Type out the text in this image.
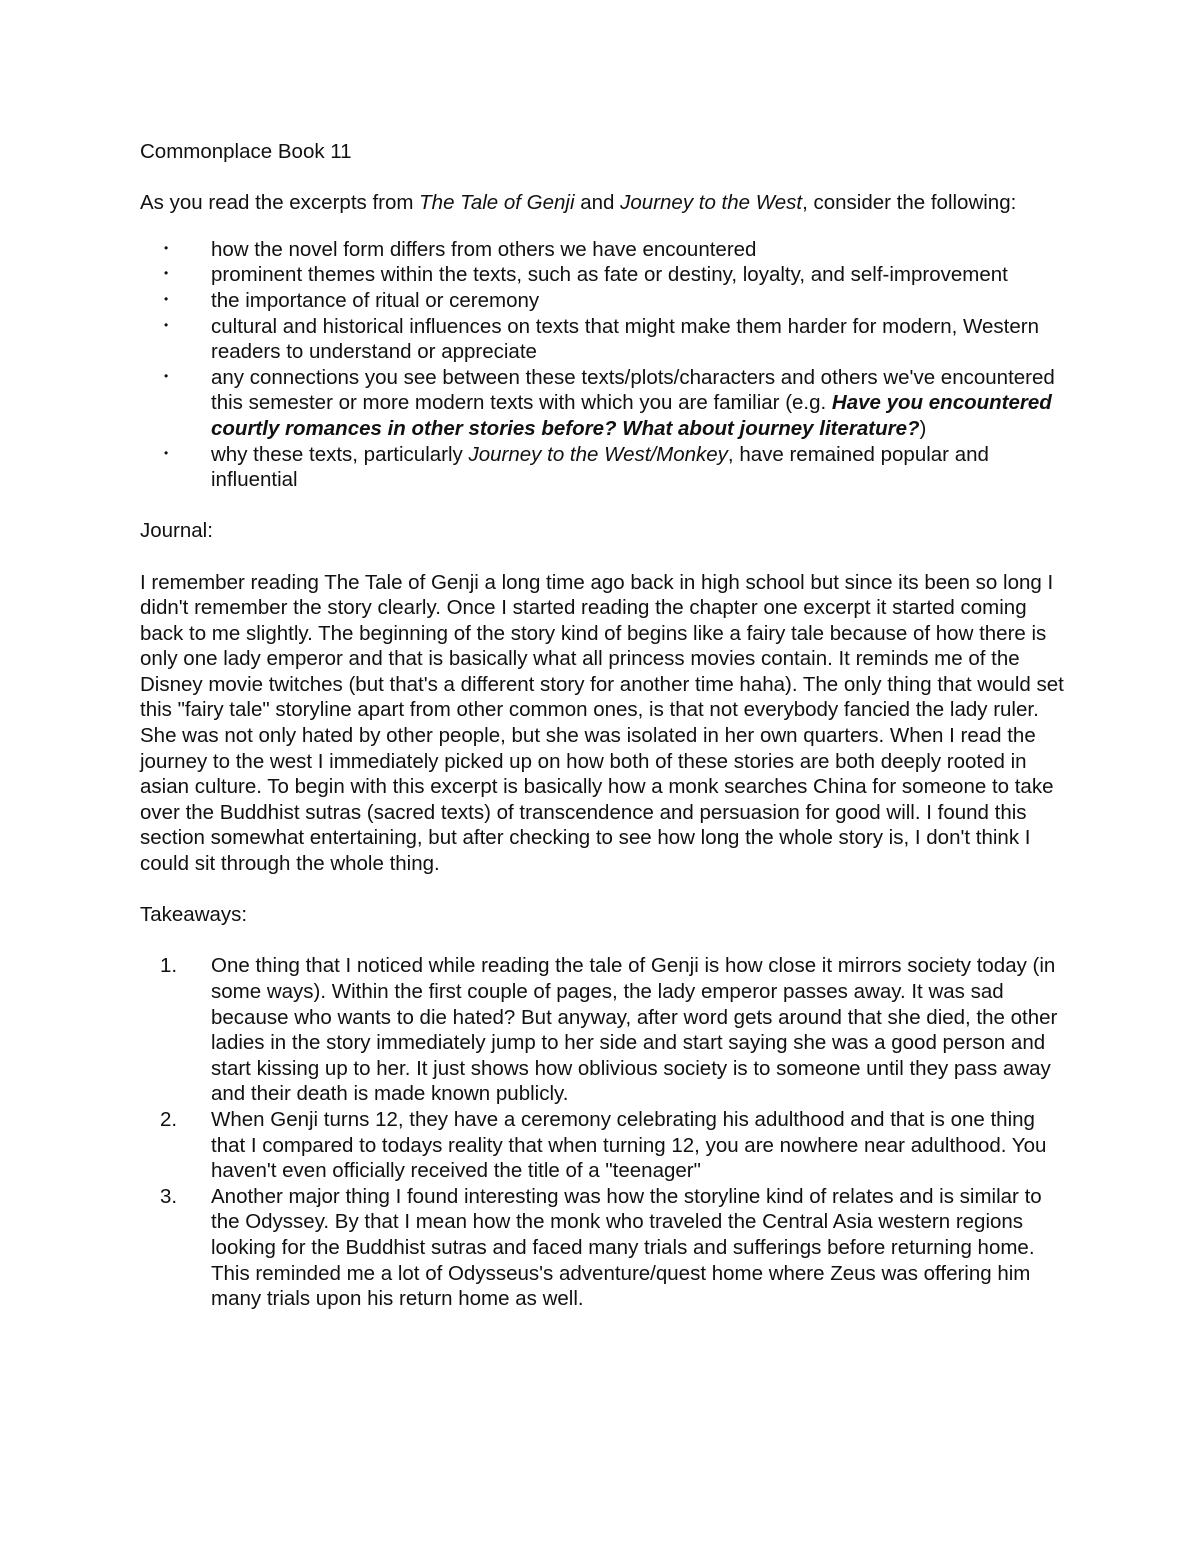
Commonplace Book 11
As you read the excerpts from The Tale of Genji and Journey to the West, consider the following:
• how the novel form differs from others we have encountered
• prominent themes within the texts, such as fate or destiny, loyalty, and self-improvement
• the importance of ritual or ceremony
• cultural and historical influences on texts that might make them harder for modern, Western readers to understand or appreciate
• any connections you see between these texts/plots/characters and others we've encountered this semester or more modern texts with which you are familiar (e.g. Have you encountered courtly romances in other stories before? What about journey literature?)
• why these texts, particularly Journey to the West/Monkey, have remained popular and influential
Journal:
I remember reading The Tale of Genji a long time ago back in high school but since its been so long I didn't remember the story clearly. Once I started reading the chapter one excerpt it started coming back to me slightly. The beginning of the story kind of begins like a fairy tale because of how there is only one lady emperor and that is basically what all princess movies contain. It reminds me of the Disney movie twitches (but that's a different story for another time haha). The only thing that would set this "fairy tale" storyline apart from other common ones, is that not everybody fancied the lady ruler. She was not only hated by other people, but she was isolated in her own quarters. When I read the journey to the west I immediately picked up on how both of these stories are both deeply rooted in asian culture. To begin with this excerpt is basically how a monk searches China for someone to take over the Buddhist sutras (sacred texts) of transcendence and persuasion for good will. I found this section somewhat entertaining, but after checking to see how long the whole story is, I don't think I could sit through the whole thing.
Takeaways:
1. One thing that I noticed while reading the tale of Genji is how close it mirrors society today (in some ways). Within the first couple of pages, the lady emperor passes away. It was sad because who wants to die hated? But anyway, after word gets around that she died, the other ladies in the story immediately jump to her side and start saying she was a good person and start kissing up to her. It just shows how oblivious society is to someone until they pass away and their death is made known publicly.
2. When Genji turns 12, they have a ceremony celebrating his adulthood and that is one thing that I compared to todays reality that when turning 12, you are nowhere near adulthood. You haven't even officially received the title of a "teenager"
3. Another major thing I found interesting was how the storyline kind of relates and is similar to the Odyssey. By that I mean how the monk who traveled the Central Asia western regions looking for the Buddhist sutras and faced many trials and sufferings before returning home. This reminded me a lot of Odysseus's adventure/quest home where Zeus was offering him many trials upon his return home as well.
